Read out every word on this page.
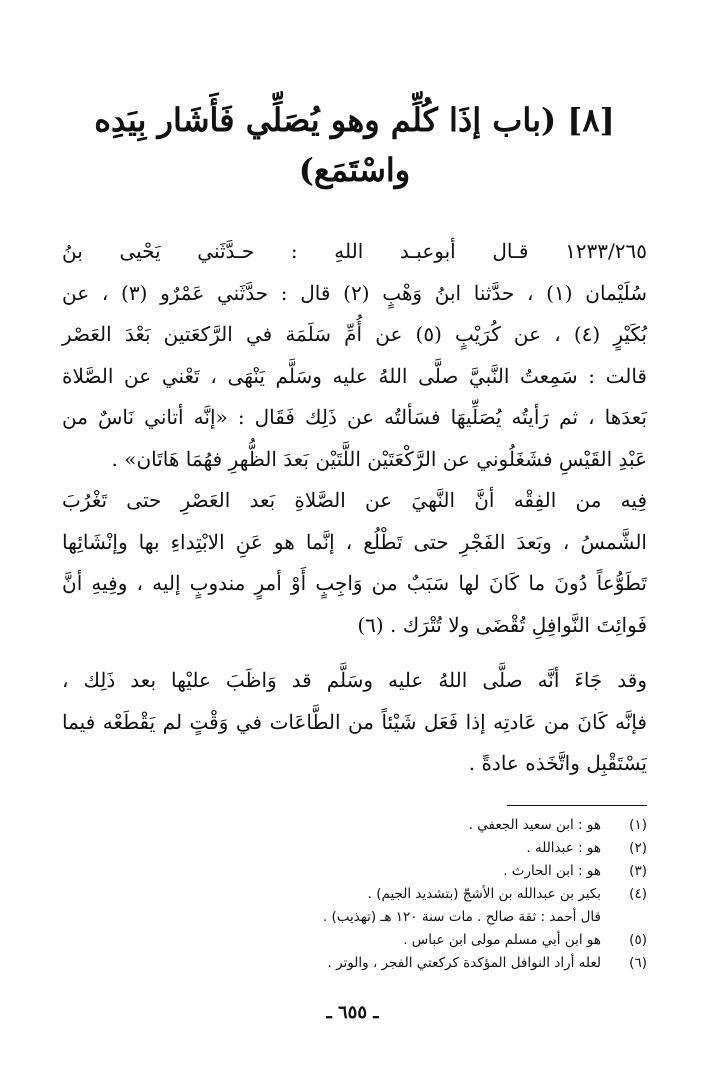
[٨] (باب إذَا كُلِّم وهو يُصَلِّي فَأَشَار بِيَدِه
واسْتَمَع)

١٢٣٣/٢٦٥ قـال أبوعبـد اللهِ : حـدَّثَني يَحْيى بنُ
سُلَيْمان (١) ، حدَّثنا ابنُ وَهْبٍ (٢) قال : حدَّثَني عَمْرٌو (٣) ، عن
بُكَيْرٍ (٤) ، عن كُرَيْبٍ (٥) عن أُمِّ سَلَمَة في الرَّكعَتين بَعْدَ العَصْر
قالت : سَمِعتُ النَّبيَّ صلَّى اللهُ عليه وسَلَّم يَنْهَى ، تَعْني عن الصَّلاة
بَعدَها ، ثم رَأيتُه يُصَلِّيهَا فسَألتُه عن ذَلِك فَقَال : «إنَّه أتاني نَاسٌ من
عَبْدِ القَيْسِ فشَغَلُوني عن الرَّكْعَتَيْن اللَّتَيْن بَعدَ الظُّهرِ فهُمَا هَاتَان» .

فِيه من الفِقْه أنَّ النَّهيَ عن الصَّلاةِ بَعد العَصْرِ حتى تَغْرُبَ
الشَّمسُ ، وبَعدَ الفَجْرِ حتى تَطْلُع ، إنَّما هو عَنِ الابْتِداءِ بها وإنْشَائِها
تَطَوُّعاً دُونَ ما كَانَ لها سَبَبٌ من وَاجِبٍ أَوْ أمرٍ مندوبٍ إليه ، وفِيهِ أنَّ
فَوائِتَ النَّوافِلِ تُقْضَى ولا تُتْرَك . (٦)

وقد جَاءَ أنَّه صلَّى اللهُ عليه وسَلَّم قد وَاظَبَ عليْها بعد ذَلِك ،
فإنَّه كَانَ من عَادتِه إذا فَعَل شَيْئاً من الطَّاعَات في وَقْتٍ لم يَقْطَعْه فيما
يَسْتَقْبِل واتَّخَذه عادةً .

(١)
هو : ابن سعيد الجعفي .
(٢)
هو : عبدالله .
(٣)
هو : ابن الحارث .
(٤)
بكير بن عبدالله بن الأشجّ (بتشديد الجيم) .
قال أحمد : ثقة صالح . مات سنة ١٢٠ هـ (تهذيب) .
(٥)
هو ابن أبي مسلم مولى ابن عباس .
(٦)
لعله أراد النوافل المؤكدة كركعتي الفجر ، والوتر .
ـ ٦٥٥ ـ
